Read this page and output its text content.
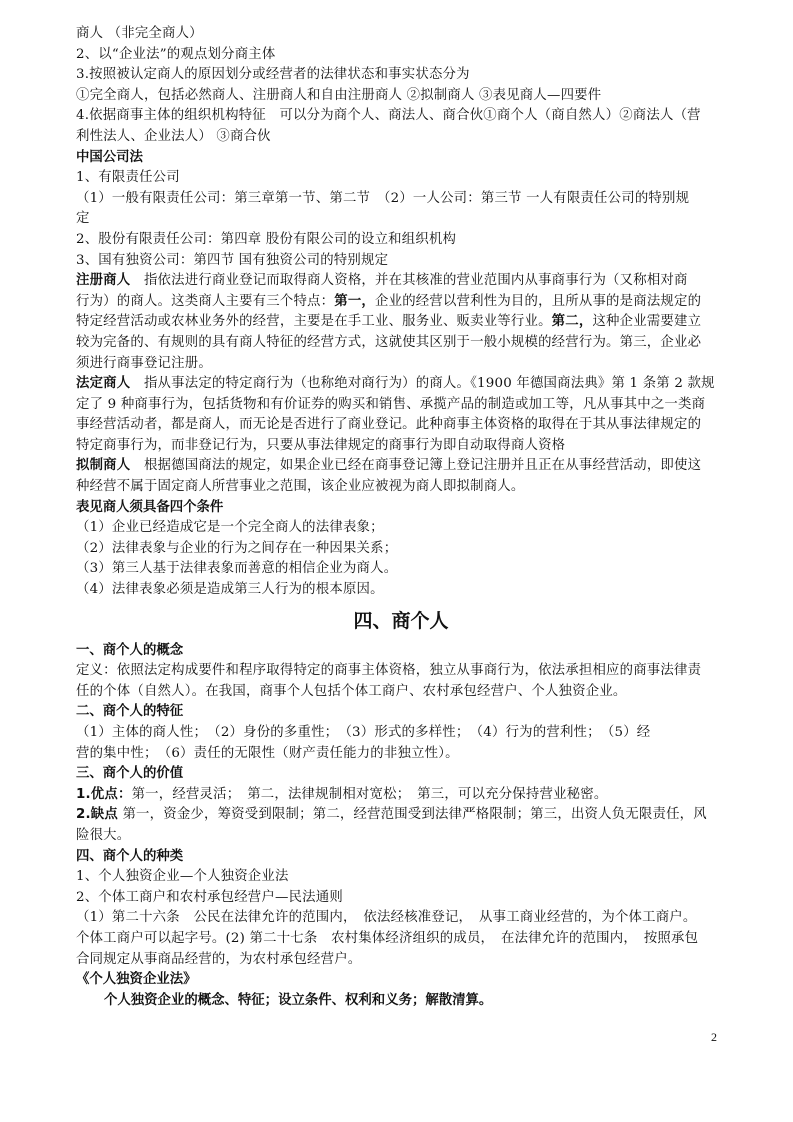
商人 （非完全商人）
2、以“企业法”的观点划分商主体
3.按照被认定商人的原因划分或经营者的法律状态和事实状态分为
①完全商人，包括必然商人、注册商人和自由注册商人 ②拟制商人 ③表见商人—四要件
4.依据商事主体的组织机构特征　可以分为商个人、商法人、商合伙①商个人（商自然人）②商法人（营
利性法人、企业法人） ③商合伙
中国公司法
1、有限责任公司
（1）一般有限责任公司：第三章第一节、第二节　（2）一人公司：第三节 一人有限责任公司的特别规
定
2、股份有限责任公司：第四章 股份有限公司的设立和组织机构
3、国有独资公司：第四节 国有独资公司的特别规定
注册商人　指依法进行商业登记而取得商人资格，并在其核准的营业范围内从事商事行为（又称相对商
行为）的商人。这类商人主要有三个特点：第一，企业的经营以营利性为目的，且所从事的是商法规定的
特定经营活动或农林业务外的经营，主要是在手工业、服务业、贩卖业等行业。第二，这种企业需要建立
较为完备的、有规则的具有商人特征的经营方式，这就使其区别于一般小规模的经营行为。第三，企业必
须进行商事登记注册。
法定商人　指从事法定的特定商行为（也称绝对商行为）的商人。《1900 年德国商法典》第 1 条第 2 款规
定了 9 种商事行为，包括货物和有价证券的购买和销售、承揽产品的制造或加工等，凡从事其中之一类商
事经营活动者，都是商人，而无论是否进行了商业登记。此种商事主体资格的取得在于其从事法律规定的
特定商事行为，而非登记行为，只要从事法律规定的商事行为即自动取得商人资格
拟制商人　根据德国商法的规定，如果企业已经在商事登记簿上登记注册并且正在从事经营活动，即使这
种经营不属于固定商人所营事业之范围，该企业应被视为商人即拟制商人。
表见商人须具备四个条件
（1）企业已经造成它是一个完全商人的法律表象；
（2）法律表象与企业的行为之间存在一种因果关系；
（3）第三人基于法律表象而善意的相信企业为商人。
（4）法律表象必须是造成第三人行为的根本原因。
四、商个人
一、商个人的概念
定义：依照法定构成要件和程序取得特定的商事主体资格，独立从事商行为，依法承担相应的商事法律责
任的个体（自然人）。在我国，商事个人包括个体工商户、农村承包经营户、个人独资企业。
二、商个人的特征
（1）主体的商人性；　（2）身份的多重性；　（3）形式的多样性；　（4）行为的营利性；　（5）经
营的集中性；　（6）责任的无限性（财产责任能力的非独立性）。
三、商个人的价值
1.优点：第一，经营灵活；　第二，法律规制相对宽松；　第三，可以充分保持营业秘密。
2.缺点 第一，资金少，筹资受到限制；第二，经营范围受到法律严格限制；第三，出资人负无限责任，风
险很大。
四、商个人的种类
1、个人独资企业—个人独资企业法
2、个体工商户和农村承包经营户—民法通则
（1）第二十六条　公民在法律允许的范围内，　依法经核准登记，　从事工商业经营的，为个体工商户。
个体工商户可以起字号。(2) 第二十七条　农村集体经济组织的成员，　在法律允许的范围内，　按照承包
合同规定从事商品经营的，为农村承包经营户。
《个人独资企业法》
个人独资企业的概念、特征；设立条件、权利和义务；解散清算。
2
